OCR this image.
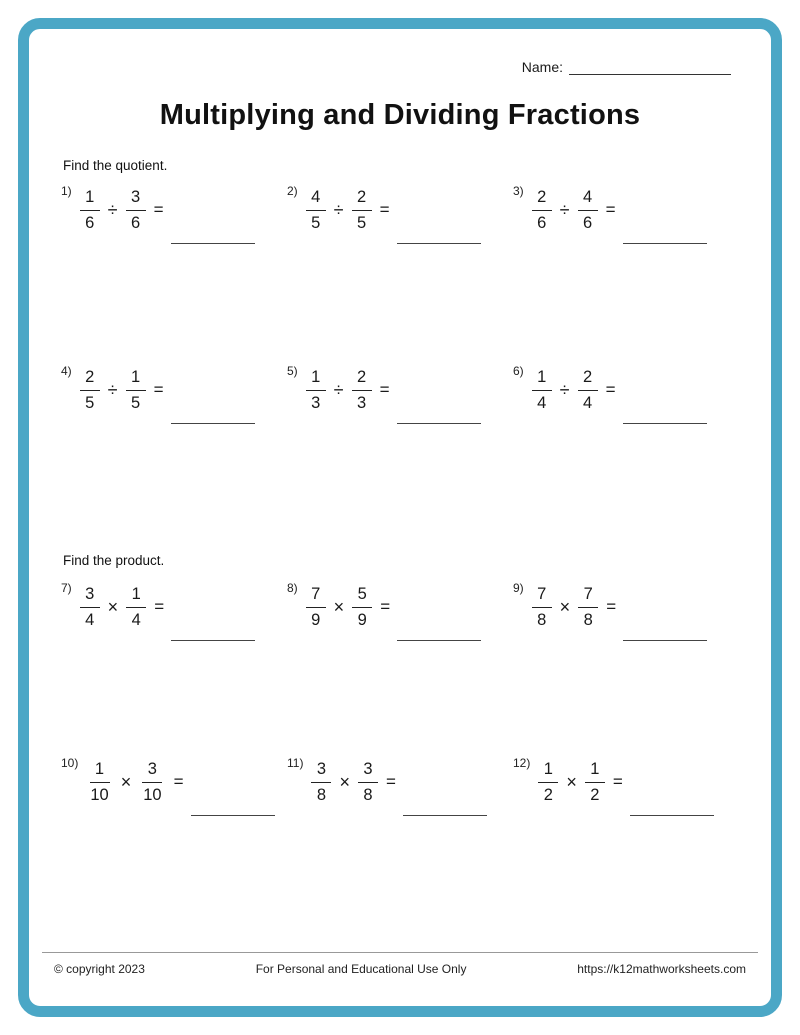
Name:
Multiplying and Dividing Fractions
Find the quotient.
$1) \frac{1}{6} \div \frac{3}{6}$ =
$2) \frac{4}{5} \div \frac{2}{5}$ =
$3) \frac{2}{6} \div \frac{4}{6}$ =
$4) \frac{2}{5} \div \frac{1}{5}$ =
$5) \frac{1}{3} \div \frac{2}{3}$ =
$6) \frac{1}{4} \div \frac{2}{4}$ =
Find the product.
$7) \frac{3}{4} \times \frac{1}{4}$ =
$8) \frac{7}{9} \times \frac{5}{9}$ =
$9) \frac{7}{8} \times \frac{7}{8}$ =
$10) \frac{1}{10} \times \frac{3}{10}$ =
$11) \frac{3}{8} \times \frac{3}{8}$ =
$12) \frac{1}{2} \times \frac{1}{2}$ =
© copyright 2023	For Personal and Educational Use Only	https://k12mathworksheets.com
